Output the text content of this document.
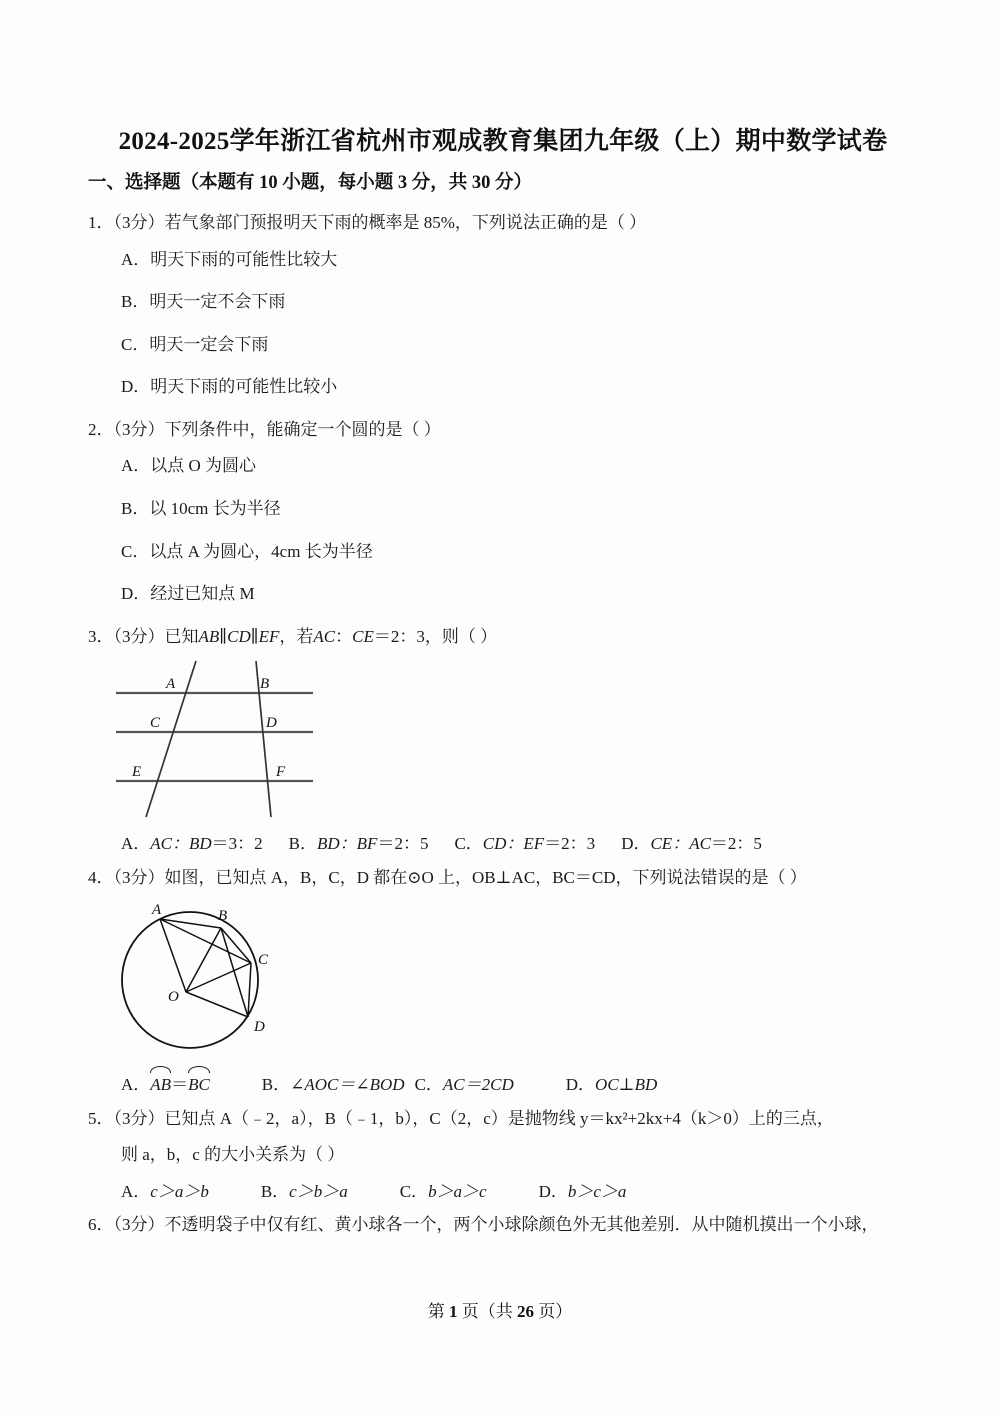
2024-2025学年浙江省杭州市观成教育集团九年级（上）期中数学试卷
一、选择题（本题有 10 小题，每小题 3 分，共 30 分）
1．（3分）若气象部门预报明天下雨的概率是 85%，下列说法正确的是（ ）
A．明天下雨的可能性比较大
B．明天一定不会下雨
C．明天一定会下雨
D．明天下雨的可能性比较小
2．（3分）下列条件中，能确定一个圆的是（ ）
A．以点 O 为圆心
B．以 10cm 长为半径
C．以点 A 为圆心，4cm 长为半径
D．经过已知点 M
3．（3分）已知AB∥CD∥EF，若AC：CE＝2：3，则（ ）
A	B
C	D
E	F
A．AC：BD＝3：2 B．BD：BF＝2：5 C．CD：EF＝2：3 D．CE：AC＝2：5
4．（3分）如图，已知点 A，B，C，D 都在⊙O 上，OB⊥AC，BC＝CD，下列说法错误的是（ ）
A	B
C
D
O
A．AB＝BC	B．∠AOC＝∠BOD C．AC＝2CD	D．OC⊥BD
5．（3分）已知点 A（﹣2，a），B（﹣1，b），C（2，c）是抛物线 y＝kx²+2kx+4（k＞0）上的三点，
则 a，b，c 的大小关系为（ ）
A．c＞a＞b	B．c＞b＞a	C．b＞a＞c	D．b＞c＞a
6．（3分）不透明袋子中仅有红、黄小球各一个，两个小球除颜色外无其他差别．从中随机摸出一个小球，
第 1 页（共 26 页）
